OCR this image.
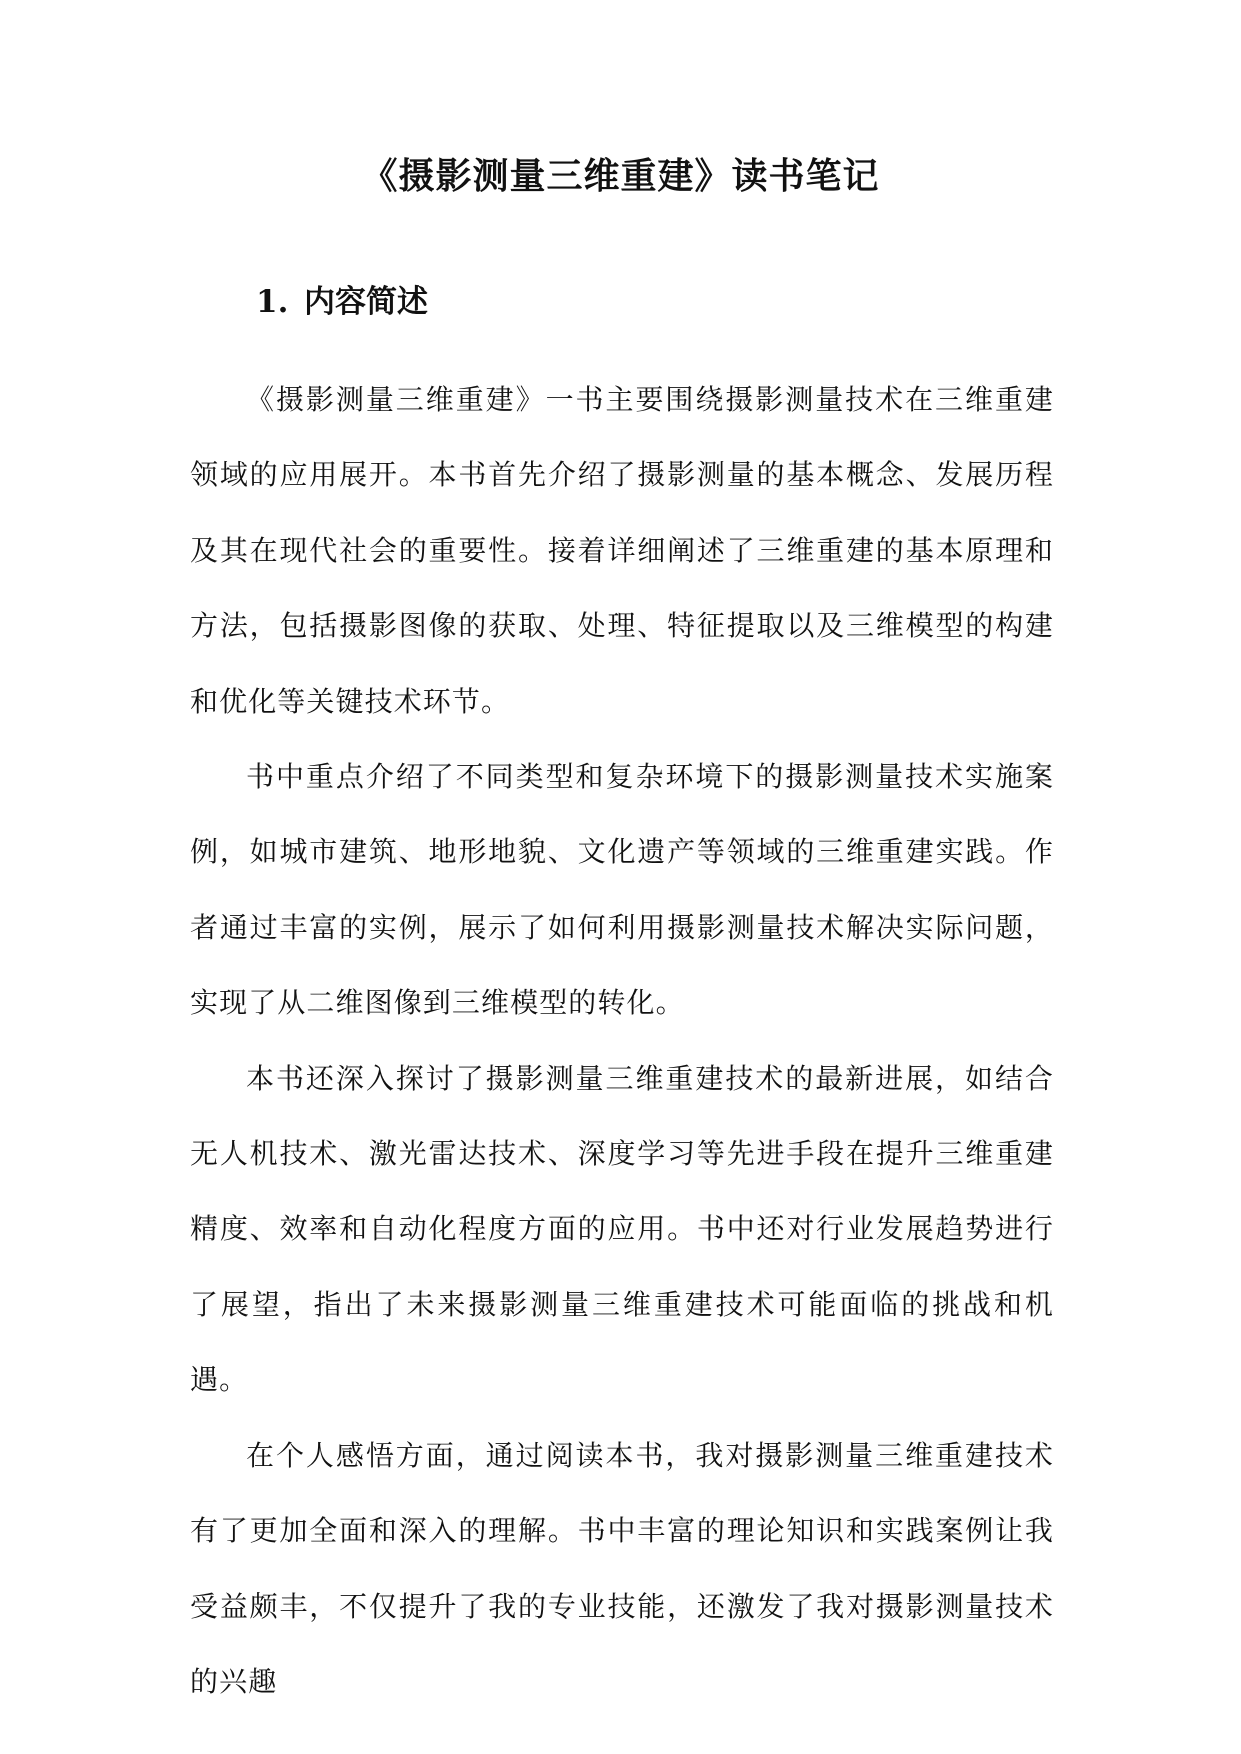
《摄影测量三维重建》读书笔记
1. 内容简述

《摄影测量三维重建》一书主要围绕摄影测量技术在三维重建领域的应用展开。本书首先介绍了摄影测量的基本概念、发展历程及其在现代社会的重要性。接着详细阐述了三维重建的基本原理和方法，包括摄影图像的获取、处理、特征提取以及三维模型的构建和优化等关键技术环节。

书中重点介绍了不同类型和复杂环境下的摄影测量技术实施案例，如城市建筑、地形地貌、文化遗产等领域的三维重建实践。作者通过丰富的实例，展示了如何利用摄影测量技术解决实际问题，实现了从二维图像到三维模型的转化。

本书还深入探讨了摄影测量三维重建技术的最新进展，如结合无人机技术、激光雷达技术、深度学习等先进手段在提升三维重建精度、效率和自动化程度方面的应用。书中还对行业发展趋势进行了展望，指出了未来摄影测量三维重建技术可能面临的挑战和机遇。

在个人感悟方面，通过阅读本书，我对摄影测量三维重建技术有了更加全面和深入的理解。书中丰富的理论知识和实践案例让我受益颇丰，不仅提升了我的专业技能，还激发了我对摄影测量技术的兴趣
